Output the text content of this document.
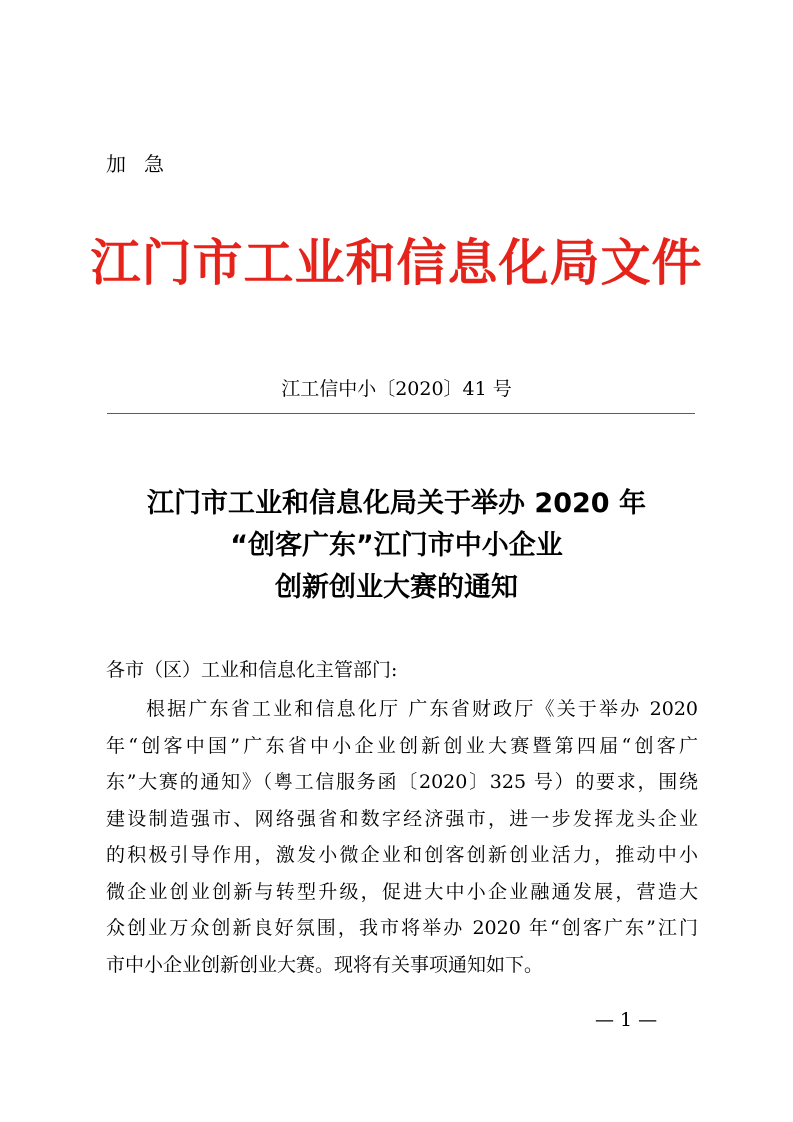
加急
江门市工业和信息化局文件
江工信中小〔2020〕41 号
江门市工业和信息化局关于举办 2020 年
“创客广东”江门市中小企业
创新创业大赛的通知
各市（区）工业和信息化主管部门:
根据广东省工业和信息化厅 广东省财政厅《关于举办 2020
年“创客中国”广东省中小企业创新创业大赛暨第四届“创客广
东”大赛的通知》（粤工信服务函〔2020〕325 号）的要求，围绕
建设制造强市、网络强省和数字经济强市，进一步发挥龙头企业
的积极引导作用，激发小微企业和创客创新创业活力，推动中小
微企业创业创新与转型升级，促进大中小企业融通发展，营造大
众创业万众创新良好氛围，我市将举办 2020 年“创客广东”江门
市中小企业创新创业大赛。现将有关事项通知如下。
— 1 —
